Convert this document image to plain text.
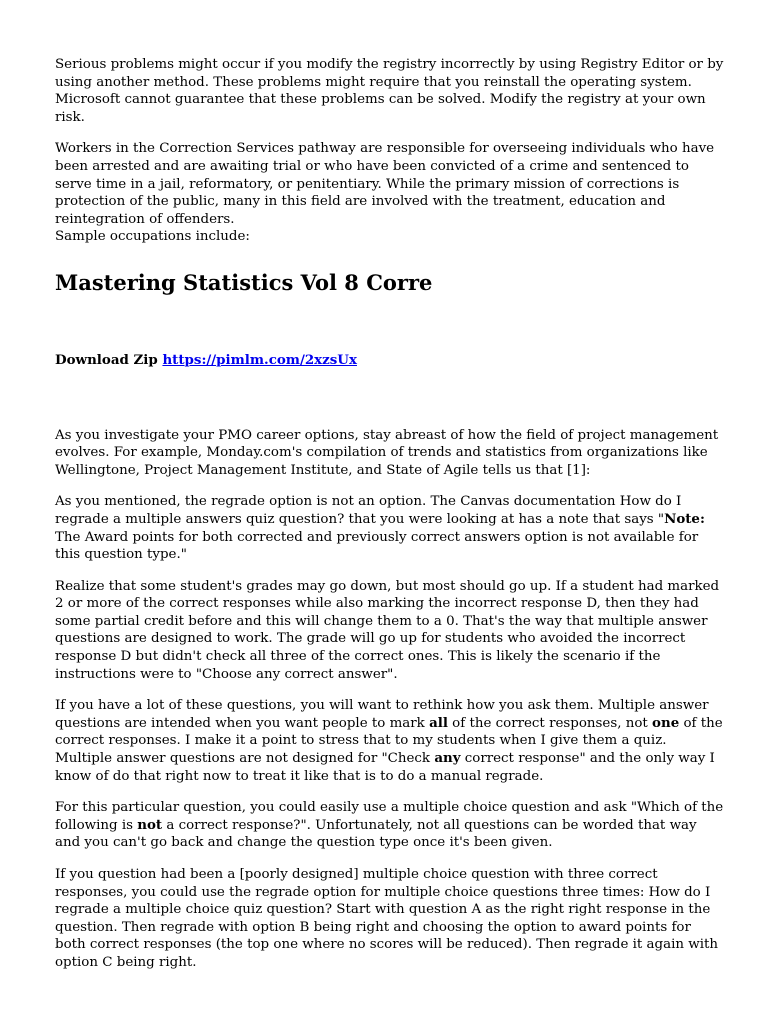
Serious problems might occur if you modify the registry incorrectly by using Registry Editor or by using another method. These problems might require that you reinstall the operating system. Microsoft cannot guarantee that these problems can be solved. Modify the registry at your own risk.

Workers in the Correction Services pathway are responsible for overseeing individuals who have been arrested and are awaiting trial or who have been convicted of a crime and sentenced to serve time in a jail, reformatory, or penitentiary. While the primary mission of corrections is protection of the public, many in this field are involved with the treatment, education and reintegration of offenders.

Sample occupations include:

Mastering Statistics Vol 8 Corre
Download Zip https://pimlm.com/2xzsUx

As you investigate your PMO career options, stay abreast of how the field of project management evolves. For example, Monday.com's compilation of trends and statistics from organizations like Wellingtone, Project Management Institute, and State of Agile tells us that [1]:

As you mentioned, the regrade option is not an option. The Canvas documentation How do I regrade a multiple answers quiz question? that you were looking at has a note that says "Note: The Award points for both corrected and previously correct answers option is not available for this question type."

Realize that some student's grades may go down, but most should go up. If a student had marked 2 or more of the correct responses while also marking the incorrect response D, then they had some partial credit before and this will change them to a 0. That's the way that multiple answer questions are designed to work. The grade will go up for students who avoided the incorrect response D but didn't check all three of the correct ones. This is likely the scenario if the instructions were to "Choose any correct answer".

If you have a lot of these questions, you will want to rethink how you ask them. Multiple answer questions are intended when you want people to mark all of the correct responses, not one of the correct responses. I make it a point to stress that to my students when I give them a quiz. Multiple answer questions are not designed for "Check any correct response" and the only way I know of do that right now to treat it like that is to do a manual regrade.

For this particular question, you could easily use a multiple choice question and ask "Which of the following is not a correct response?". Unfortunately, not all questions can be worded that way and you can't go back and change the question type once it's been given.

If you question had been a [poorly designed] multiple choice question with three correct responses, you could use the regrade option for multiple choice questions three times: How do I regrade a multiple choice quiz question? Start with question A as the right right response in the question. Then regrade with option B being right and choosing the option to award points for both correct responses (the top one where no scores will be reduced). Then regrade it again with option C being right.
